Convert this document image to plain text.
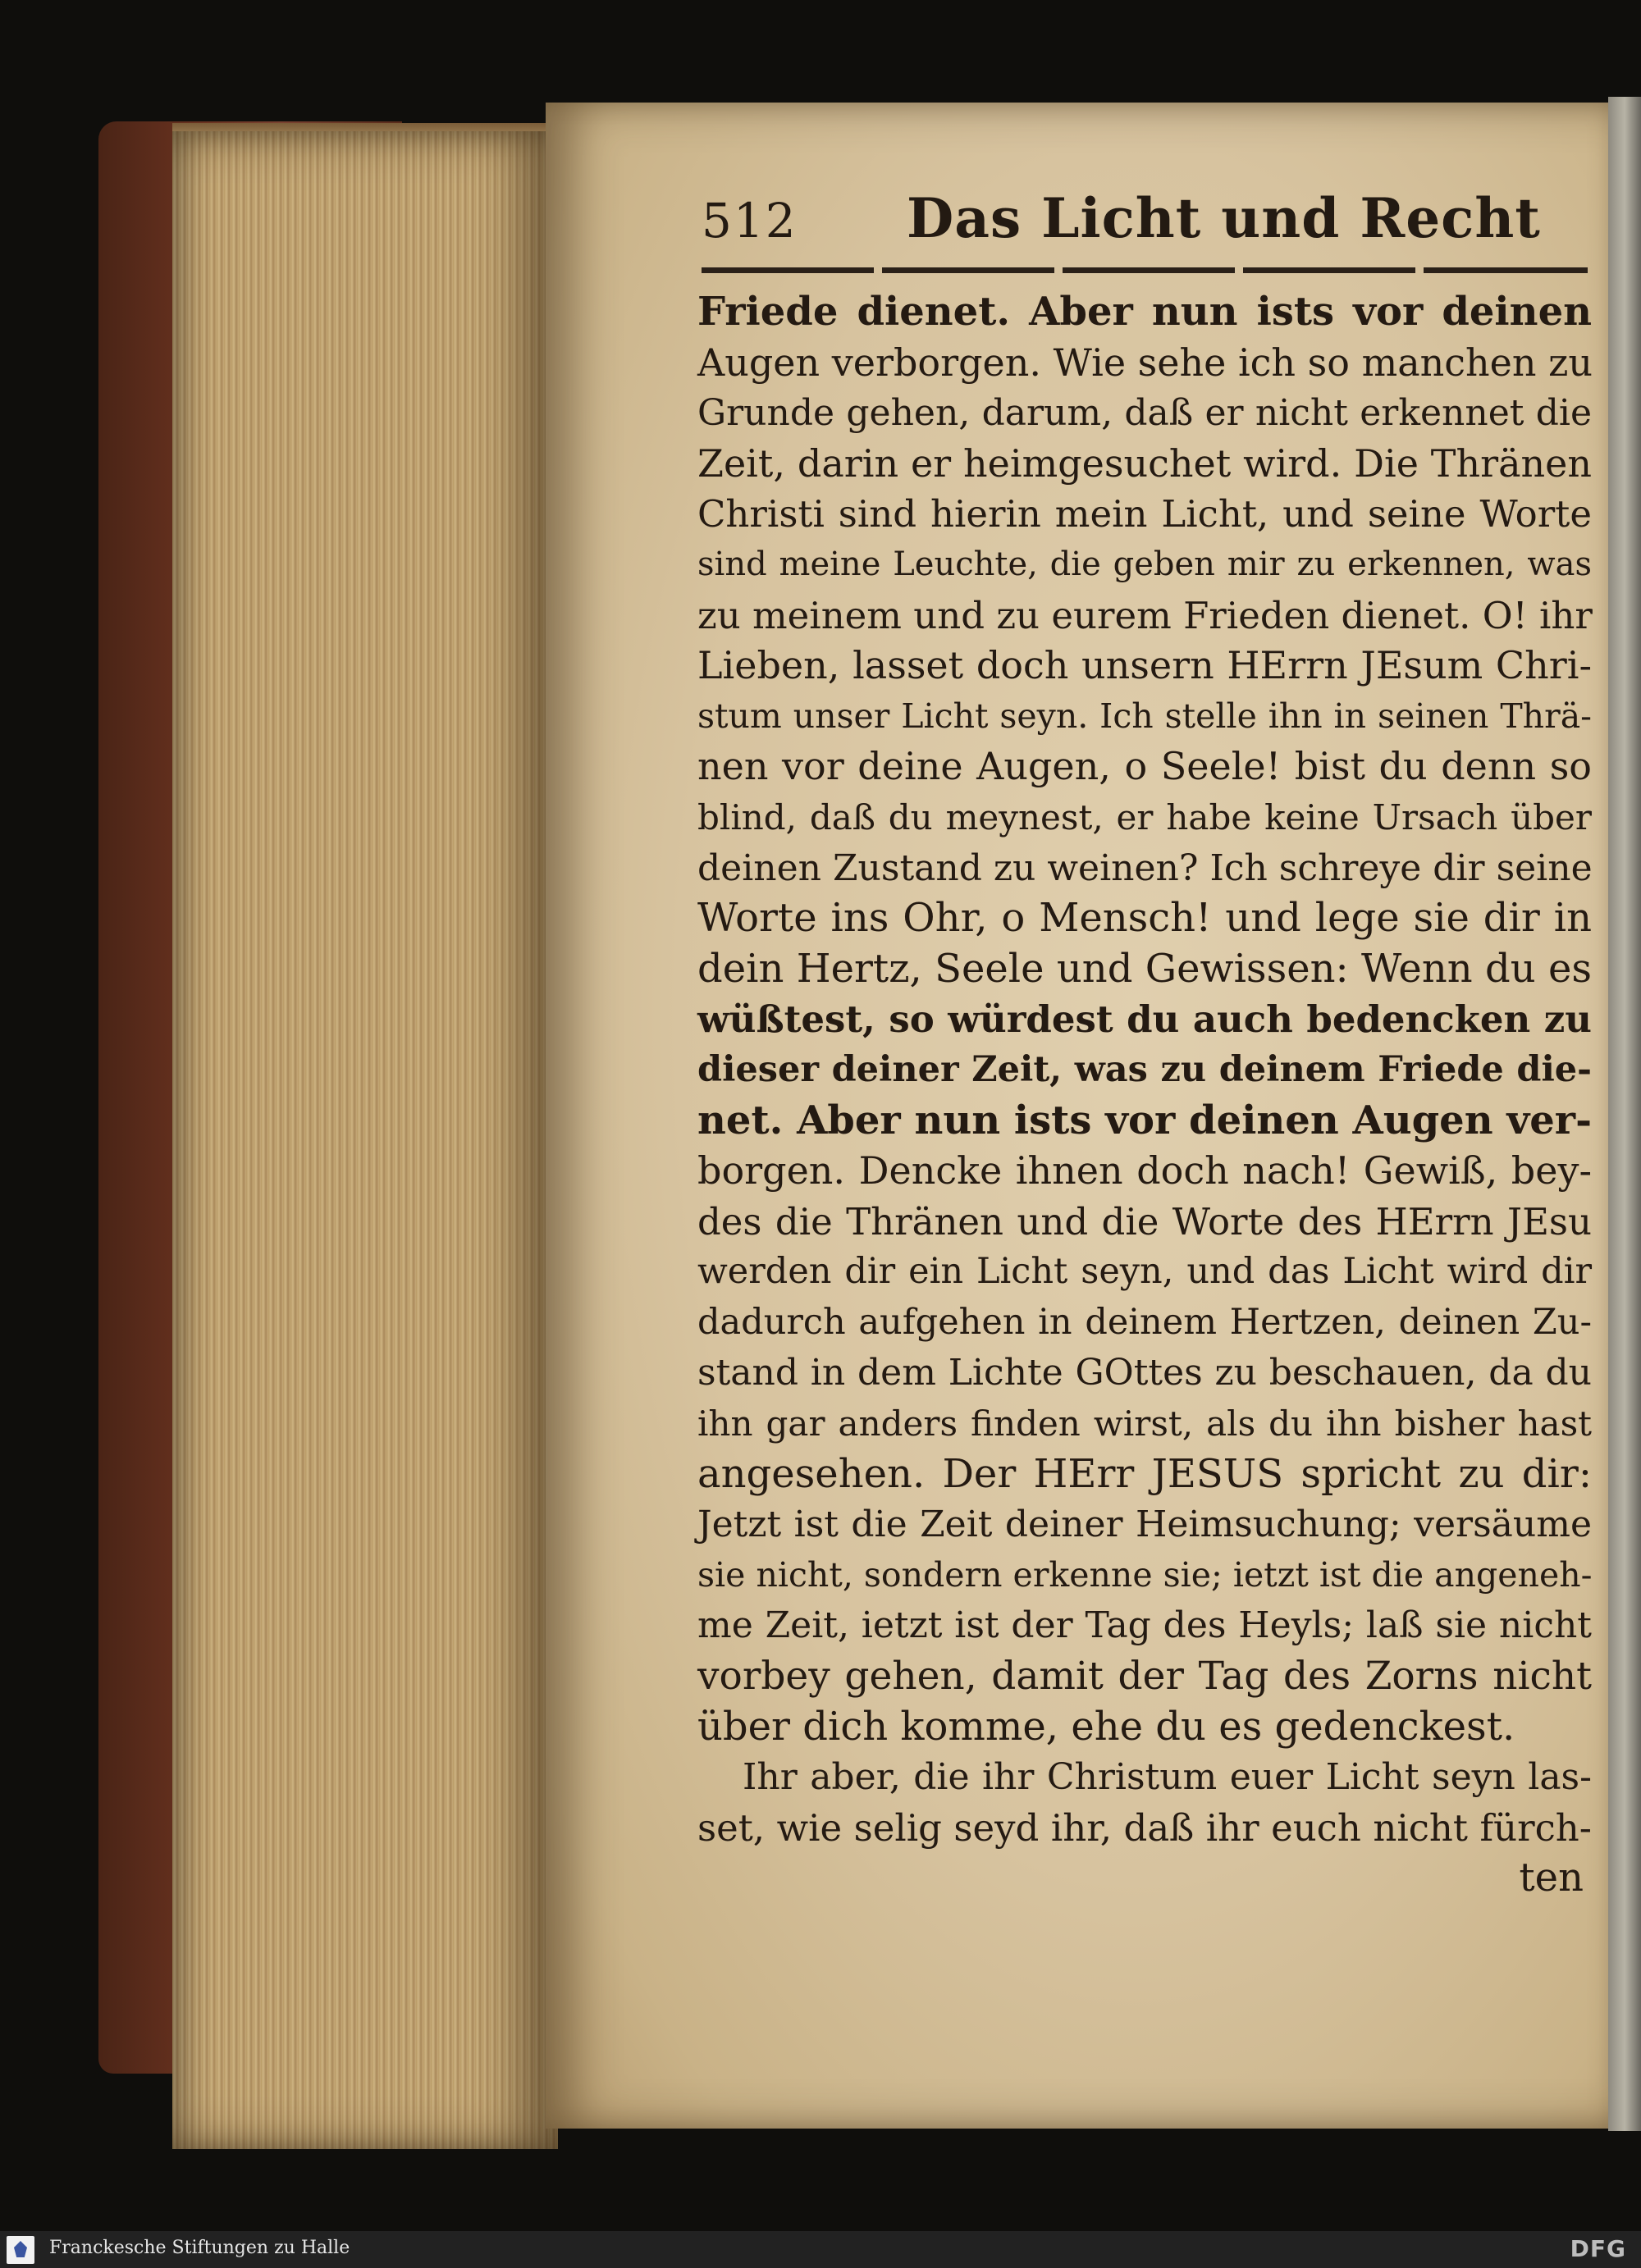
512 Das Licht und Recht
Friede dienet. Aber nun ists vor deinen
Augen verborgen. Wie sehe ich so manchen zu
Grunde gehen, darum, daß er nicht erkennet die
Zeit, darin er heimgesuchet wird. Die Thränen
Christi sind hierin mein Licht, und seine Worte
sind meine Leuchte, die geben mir zu erkennen, was
zu meinem und zu eurem Frieden dienet. O! ihr
Lieben, lasset doch unsern HErrn JEsum Chri-
stum unser Licht seyn. Ich stelle ihn in seinen Thrä-
nen vor deine Augen, o Seele! bist du denn so
blind, daß du meynest, er habe keine Ursach über
deinen Zustand zu weinen? Ich schreye dir seine
Worte ins Ohr, o Mensch! und lege sie dir in
dein Hertz, Seele und Gewissen: Wenn du es
wüßtest, so würdest du auch bedencken zu
dieser deiner Zeit, was zu deinem Friede die-
net. Aber nun ists vor deinen Augen ver-
borgen. Dencke ihnen doch nach! Gewiß, bey-
des die Thränen und die Worte des HErrn JEsu
werden dir ein Licht seyn, und das Licht wird dir
dadurch aufgehen in deinem Hertzen, deinen Zu-
stand in dem Lichte GOttes zu beschauen, da du
ihn gar anders finden wirst, als du ihn bisher hast
angesehen. Der HErr JESUS spricht zu dir:
Jetzt ist die Zeit deiner Heimsuchung; versäume
sie nicht, sondern erkenne sie; ietzt ist die angeneh-
me Zeit, ietzt ist der Tag des Heyls; laß sie nicht
vorbey gehen, damit der Tag des Zorns nicht
über dich komme, ehe du es gedenckest.
Ihr aber, die ihr Christum euer Licht seyn las-
set, wie selig seyd ihr, daß ihr euch nicht fürch-
ten
Franckesche Stiftungen zu Halle	DFG
